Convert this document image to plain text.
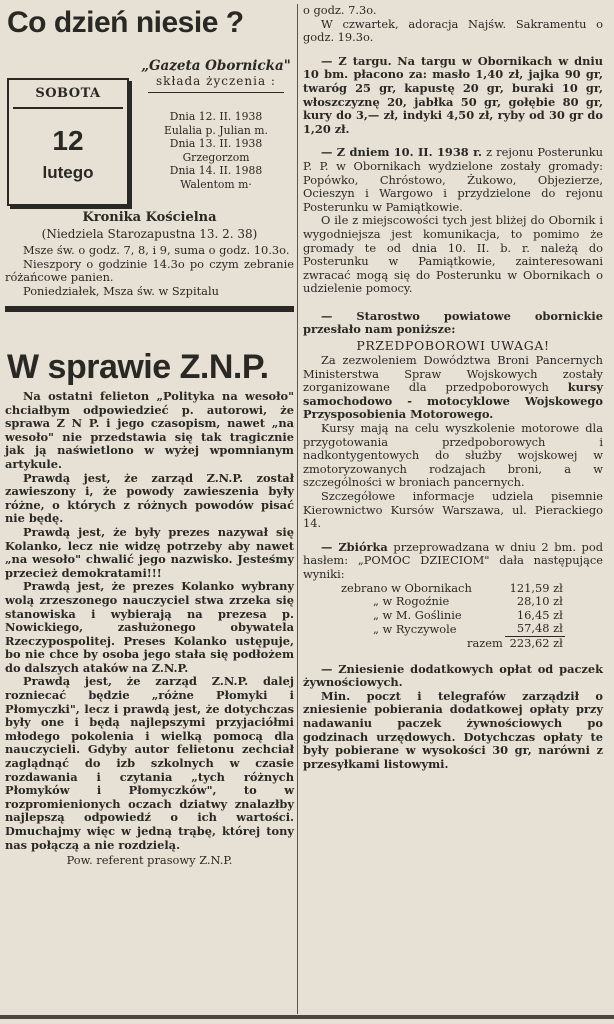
Co dzień niesie ?
SOBOTA
12
lutego
„Gazeta Obornicka"
składa życzenia :
Dnia 12. II. 1938
Eulalia p. Julian m.
Dnia 13. II. 1938
Grzegorzom
Dnia 14. II. 1988
Walentom m·
Kronika Kościelna
(Niedziela Starozapustna 13. 2. 38)

Msze św. o godz. 7, 8, i 9, suma o godz. 10.3o.

Nieszpory o godzinie 14.3o po czym zebranie różańcowe panien.

Poniedziałek, Msza św. w Szpitalu

W sprawie Z.N.P.

Na ostatni felieton „Polityka na wesoło" chciałbym odpowiedzieć p. autorowi, że sprawa Z N P. i jego czasopism, nawet „na wesoło" nie przedstawia się tak tragicznie jak ją naświetlono w wyżej wpomnianym artykule.

Prawdą jest, że zarząd Z.N.P. został zawieszony i, że powody zawieszenia były różne, o których z różnych powodów pisać nie będę.

Prawdą jest, że były prezes nazywał się Kolanko, lecz nie widzę potrzeby aby nawet „na wesoło" chwalić jego nazwisko. Jesteśmy przecież demokratami!!!

Prawdą jest, że prezes Kolanko wybrany wolą zrzeszonego nauczyciel stwa zrzeka się stanowiska i wybierają na prezesa p. Nowickiego, zasłużonego obywatela Rzeczypospolitej. Preses Kolanko ustępuje, bo nie chce by osoba jego stała się podłożem do dalszych ataków na Z.N.P.

Prawdą jest, że zarząd Z.N.P. dalej rozniecać będzie „różne Płomyki i Płomyczki", lecz i prawdą jest, że dotychczas były one i będą najlepszymi przyjaciółmi młodego pokolenia i wielką pomocą dla nauczycieli. Gdyby autor felietonu zechciał zaglądnąć do izb szkolnych w czasie rozdawania i czytania „tych różnych Płomyków i Płomyczków", to w rozpromienionych oczach dziatwy znalazłby najlepszą odpowiedź o ich wartości. Dmuchajmy więc w jedną trąbę, której tony nas połączą a nie rozdzielą.

Pow. referent prasowy Z.N.P.

o godz. 7.3o.

W czwartek, adoracja Najśw. Sakramentu o godz. 19.3o.

— Z targu. Na targu w Obornikach w dniu 10 bm. płacono za: masło 1,40 zł, jajka 90 gr, twaróg 25 gr, kapustę 20 gr, buraki 10 gr, włoszczyznę 20, jabłka 50 gr, gołębie 80 gr, kury do 3,— zł, indyki 4,50 zł, ryby od 30 gr do 1,20 zł.

— Z dniem 10. II. 1938 r. z rejonu Posterunku P. P. w Obornikach wydzielone zostały gromady: Popówko, Chróstowo, Żukowo, Objezierze, Ocieszyn i Wargowo i przydzielone do rejonu Posterunku w Pamiątkowie.

O ile z miejscowości tych jest bliżej do Obornik i wygodniejsza jest komunikacja, to pomimo że gromady te od dnia 10. II. b. r. należą do Posterunku w Pamiątkowie, zainteresowani zwracać mogą się do Posterunku w Obornikach o udzielenie pomocy.

— Starostwo powiatowe obornickie przesłało nam poniższe:

PRZEDPOBOROWI UWAGA!

Za zezwoleniem Dowództwa Broni Pancernych Ministerstwa Spraw Wojskowych zostały zorganizowane dla przedpoborowych kursy samochodowo - motocyklowe Wojskowego Przysposobienia Motorowego.

Kursy mają na celu wyszkolenie motorowe dla przygotowania przedpoborowych i nadkontygentowych do służby wojskowej w zmotoryzowanych rodzajach broni, a w szczególności w broniach pancernych.

Szczegółowe informacje udziela pisemnie Kierownictwo Kursów Warszawa, ul. Pierackiego 14.

— Zbiórka przeprowadzana w dniu 2 bm. pod hasłem: „POMOC DZIECIOM" dała następujące wyniki:

zebrano w Obornikach	121,59 zł
„ w Rogoźnie	28,10 zł
„ w M. Goślinie	16,45 zł
„ w Ryczywole	57,48 zł
razem	223,62 zł

— Zniesienie dodatkowych opłat od paczek żywnościowych.

Min. poczt i telegrafów zarządził o zniesienie pobierania dodatkowej opłaty przy nadawaniu paczek żywnościowych po godzinach urzędowych. Dotychczas opłaty te były pobierane w wysokości 30 gr, narówni z przesyłkami listowymi.
